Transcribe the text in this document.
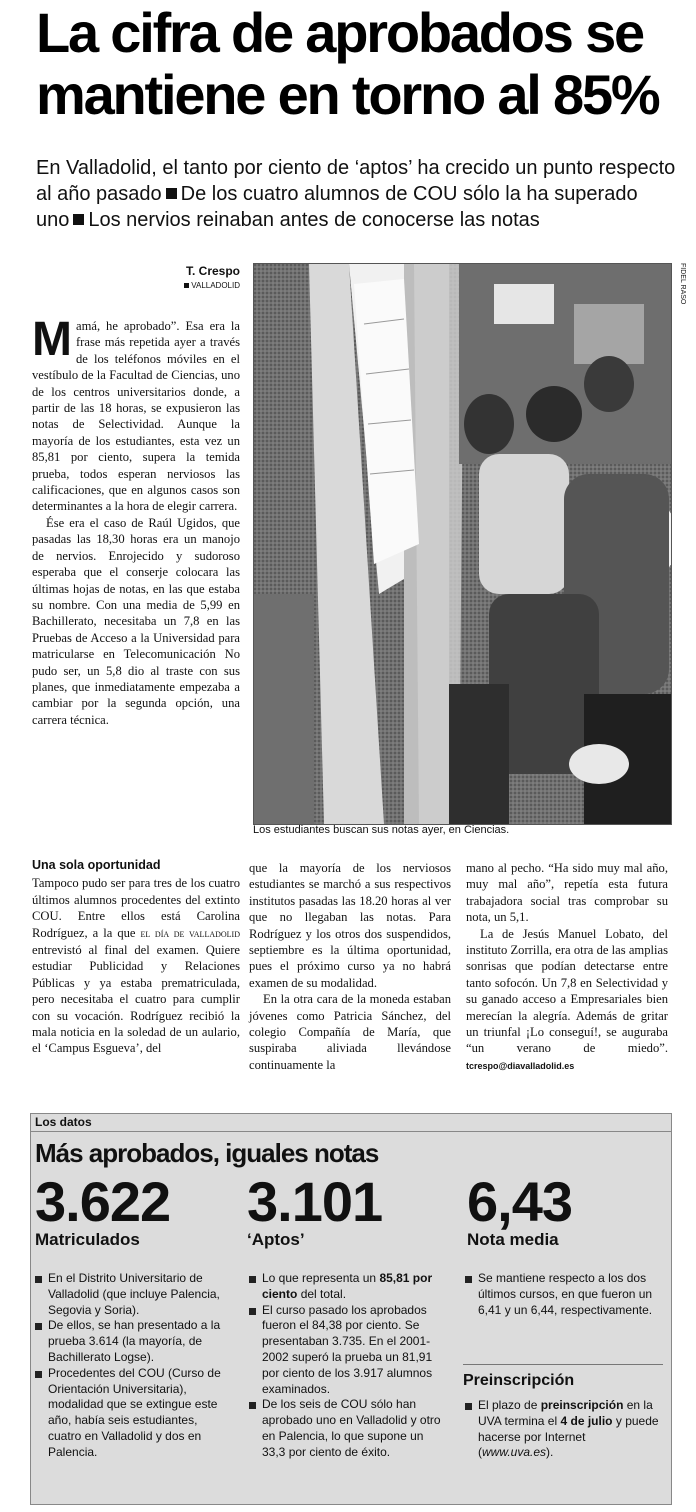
La cifra de aprobados se
mantiene en torno al 85%
En Valladolid, el tanto por ciento de ‘aptos’ ha crecido un punto respecto al año pasado De los cuatro alumnos de COU sólo la ha superado uno Los nervios reinaban antes de conocerse las notas
T. Crespo
VALLADOLID

Mamá, he aprobado”. Esa era la frase más repetida ayer a través de los teléfonos móviles en el vestíbulo de la Facultad de Ciencias, uno de los centros universitarios donde, a partir de las 18 horas, se expusieron las notas de Selectividad. Aunque la mayoría de los estudiantes, esta vez un 85,81 por ciento, supera la temida prueba, todos esperan nerviosos las calificaciones, que en algunos casos son determinantes a la hora de elegir carrera.

Ése era el caso de Raúl Ugidos, que pasadas las 18,30 horas era un manojo de nervios. Enrojecido y sudoroso esperaba que el conserje colocara las últimas hojas de notas, en las que estaba su nombre. Con una media de 5,99 en Bachillerato, necesitaba un 7,8 en las Pruebas de Acceso a la Universidad para matricularse en Telecomunicación No pudo ser, un 5,8 dio al traste con sus planes, que inmediatamente empezaba a cambiar por la segunda opción, una carrera técnica.

FIDEL RASO
Los estudiantes buscan sus notas ayer, en Ciencias.
Una sola oportunidad

Tampoco pudo ser para tres de los cuatro últimos alumnos procedentes del extinto COU. Entre ellos está Carolina Rodríguez, a la que el día de valladolid entrevistó al final del examen. Quiere estudiar Publicidad y Relaciones Públicas y ya estaba prematriculada, pero necesitaba el cuatro para cumplir con su vocación. Rodríguez recibió la mala noticia en la soledad de un aulario, el ‘Campus Esgueva’, del

que la mayoría de los nerviosos estudiantes se marchó a sus respectivos institutos pasadas las 18.20 horas al ver que no llegaban las notas. Para Rodríguez y los otros dos suspendidos, septiembre es la última oportunidad, pues el próximo curso ya no habrá examen de su modalidad.

En la otra cara de la moneda estaban jóvenes como Patricia Sánchez, del colegio Compañía de María, que suspiraba aliviada llevándose continuamente la

mano al pecho. “Ha sido muy mal año, muy mal año”, repetía esta futura trabajadora social tras comprobar su nota, un 5,1.

La de Jesús Manuel Lobato, del instituto Zorrilla, era otra de las amplias sonrisas que podían detectarse entre tanto sofocón. Un 7,8 en Selectividad y su ganado acceso a Empresariales bien merecían la alegría. Además de gritar un triunfal ¡Lo conseguí!, se auguraba “un verano de miedo”. tcrespo@diavalladolid.es

Los datos
Más aprobados, iguales notas
3.622
Matriculados
3.101
‘Aptos’
6,43
Nota media
En el Distrito Universitario de Valladolid (que incluye Palencia, Segovia y Soria).
De ellos, se han presentado a la prueba 3.614 (la mayoría, de Bachillerato Logse).
Procedentes del COU (Curso de Orientación Universitaria), modalidad que se extingue este año, había seis estudiantes, cuatro en Valladolid y dos en Palencia.
Lo que representa un 85,81 por ciento del total.
El curso pasado los aprobados fueron el 84,38 por ciento. Se presentaban 3.735. En el 2001-2002 superó la prueba un 81,91 por ciento de los 3.917 alumnos examinados.
De los seis de COU sólo han aprobado uno en Valladolid y otro en Palencia, lo que supone un 33,3 por ciento de éxito.
Se mantiene respecto a los dos últimos cursos, en que fueron un 6,41 y un 6,44, respectivamente.
Preinscripción
El plazo de preinscripción en la UVA termina el 4 de julio y puede hacerse por Internet (www.uva.es).
